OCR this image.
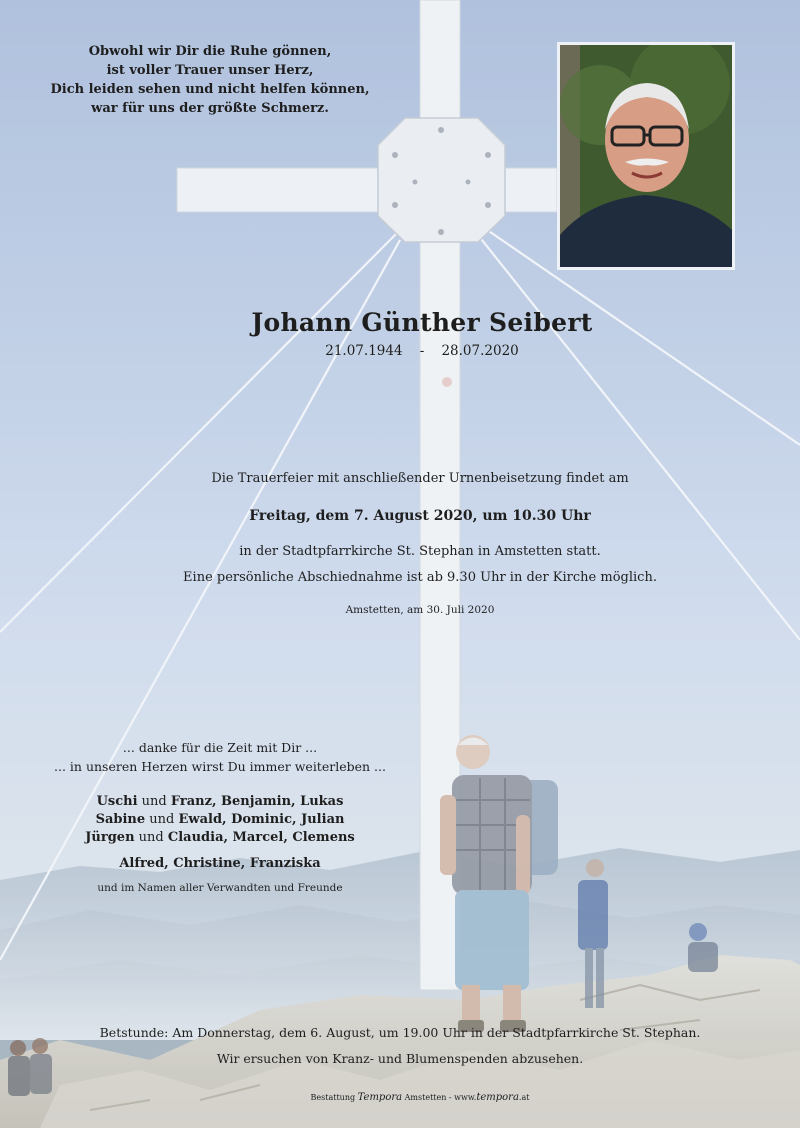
Obwohl wir Dir die Ruhe gönnen,
ist voller Trauer unser Herz,
Dich leiden sehen und nicht helfen können,
war für uns der größte Schmerz.
Johann Günther Seibert
21.07.1944 - 28.07.2020
Die Trauerfeier mit anschließender Urnenbeisetzung findet am
Freitag, dem 7. August 2020, um 10.30 Uhr
in der Stadtpfarrkirche St. Stephan in Amstetten statt.
Eine persönliche Abschiednahme ist ab 9.30 Uhr in der Kirche möglich.
Amstetten, am 30. Juli 2020
... danke für die Zeit mit Dir ...
... in unseren Herzen wirst Du immer weiterleben ...
Uschi und Franz, Benjamin, Lukas
Sabine und Ewald, Dominic, Julian
Jürgen und Claudia, Marcel, Clemens
Alfred, Christine, Franziska
und im Namen aller Verwandten und Freunde
Betstunde: Am Donnerstag, dem 6. August, um 19.00 Uhr in der Stadtpfarrkirche St. Stephan.
Wir ersuchen von Kranz- und Blumenspenden abzusehen.
Bestattung Tempora Amstetten - www.tempora.at
